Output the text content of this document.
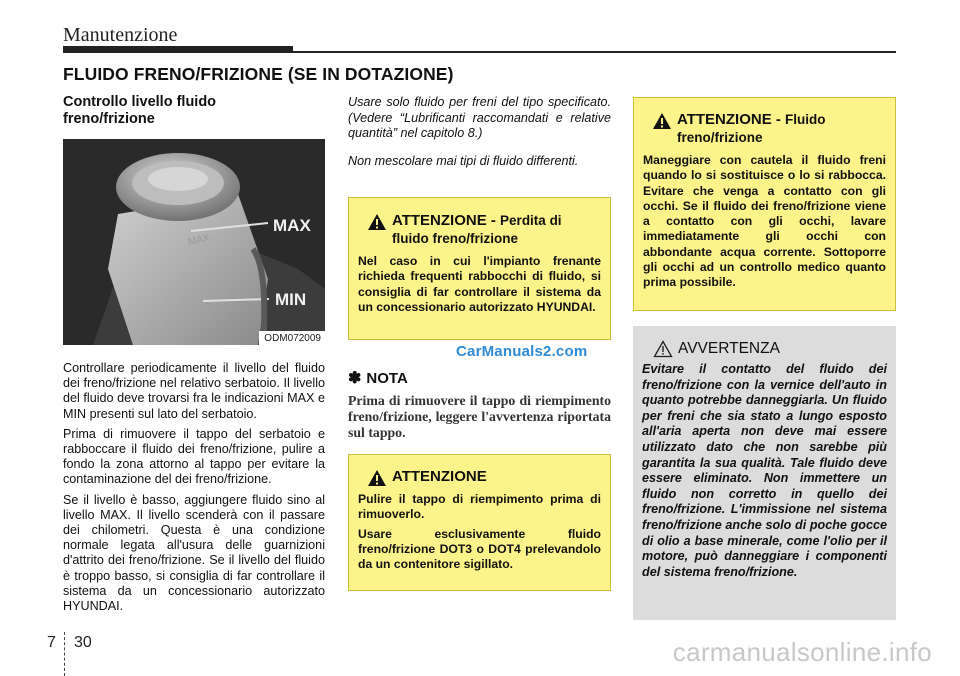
Manutenzione
FLUIDO FRENO/FRIZIONE (SE IN DOTAZIONE)
Controllo livello fluido
freno/frizione
MAX
MAX
MIN
ODM072009

Controllare periodicamente il livello del fluido dei freno/frizione nel relativo serbatoio. Il livello del fluido deve trovarsi fra le indicazioni MAX e MIN presenti sul lato del serbatoio.

Prima di rimuovere il tappo del serbatoio e rabboccare il fluido dei freno/frizione, pulire a fondo la zona attorno al tappo per evitare la contaminazione del dei freno/frizione.

Se il livello è basso, aggiungere fluido sino al livello MAX. Il livello scenderà con il passare dei chilometri. Questa è una condizione normale legata all'usura delle guarnizioni d'attrito dei freno/frizione. Se il livello del fluido è troppo basso, si consiglia di far controllare il sistema da un concessionario autorizzato HYUNDAI.

Usare solo fluido per freni del tipo specificato. (Vedere “Lubrificanti raccomandati e relative quantità” nel capitolo 8.)

Non mescolare mai tipi di fluido differenti.

ATTENZIONE - Perdita di fluido freno/frizione
Nel caso in cui l'impianto frenante richieda frequenti rabbocchi di fluido, si consiglia di far controllare il sistema da un concessionario autorizzato HYUNDAI.
CarManuals2.com
✽ NOTA
Prima di rimuovere il tappo di riempimento freno/frizione, leggere l'avvertenza riportata sul tappo.
ATTENZIONE
Pulire il tappo di riempimento prima di rimuoverlo.
Usare esclusivamente fluido freno/frizione DOT3 o DOT4 prelevandolo da un contenitore sigillato.
ATTENZIONE - Fluido freno/frizione
Maneggiare con cautela il fluido freni quando lo si sostituisce o lo si rabbocca. Evitare che venga a contatto con gli occhi. Se il fluido dei freno/frizione viene a contatto con gli occhi, lavare immediatamente gli occhi con abbondante acqua corrente. Sottoporre gli occhi ad un controllo medico quanto prima possibile.
AVVERTENZA
Evitare il contatto del fluido dei freno/frizione con la vernice dell'auto in quanto potrebbe danneggiarla. Un fluido per freni che sia stato a lungo esposto all'aria aperta non deve mai essere utilizzato dato che non sarebbe più garantita la sua qualità. Tale fluido deve essere eliminato. Non immettere un fluido non corretto in quello dei freno/frizione. L'immissione nel sistema freno/frizione anche solo di poche gocce di olio a base minerale, come l'olio per il motore, può danneggiare i componenti del sistema freno/frizione.
7 30	carmanualsonline.info
